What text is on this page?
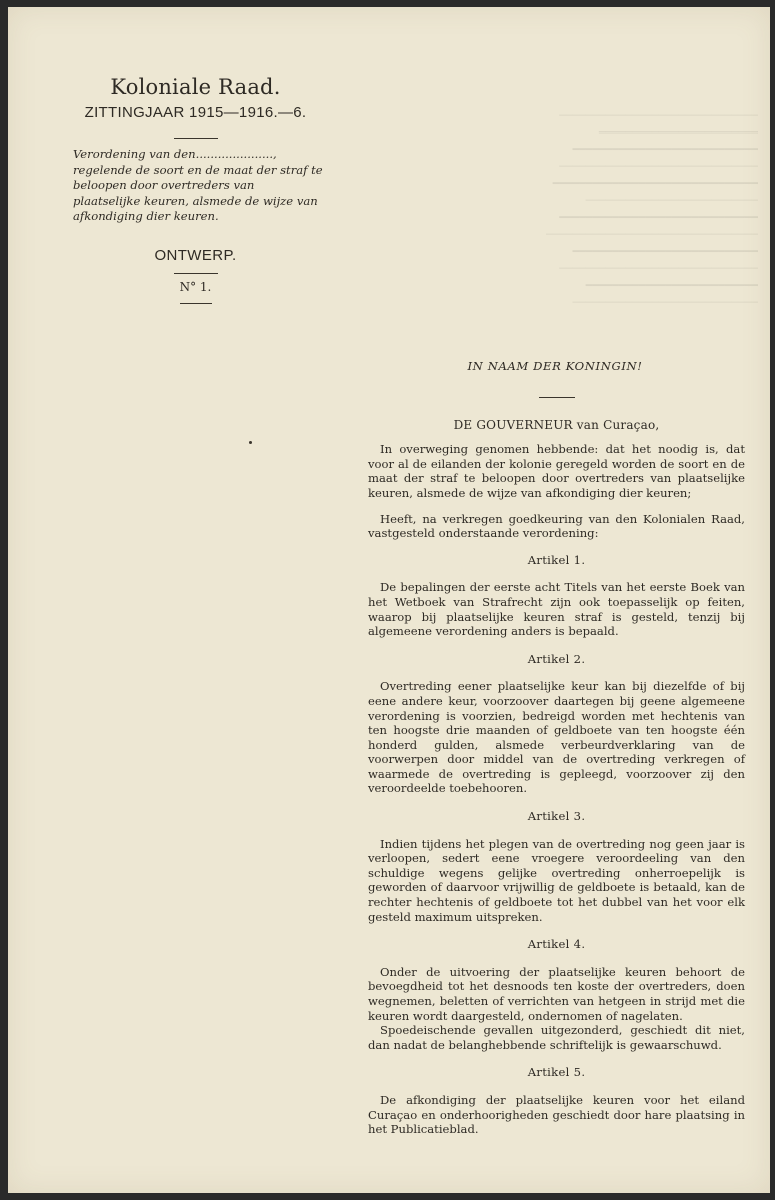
──────────────────────────────
════════════════════════
━━━━━━━━━━━━━━━━━━━━━━━━━━━━
──────────────────────────────
━━━━━━━━━━━━━━━━━━━━━━━━━━━━━━━
──────────────────────────
━━━━━━━━━━━━━━━━━━━━━━━━━━━━━━
────────────────────────────────
━━━━━━━━━━━━━━━━━━━━━━━━━━━━
──────────────────────────────
━━━━━━━━━━━━━━━━━━━━━━━━━━
────────────────────────────
Koloniale Raad.
ZITTINGJAAR 1915—1916.—6.
Verordening van den....................., regelende de soort en de maat der straf te beloopen door overtreders van plaatselijke keuren, alsmede de wijze van afkondiging dier keuren.
ONTWERP.
N° 1.
IN NAAM DER KONINGIN!
DE GOUVERNEUR van Curaçao,
In overweging genomen hebbende: dat het noodig is, dat voor al de eilanden der kolonie geregeld worden de soort en de maat der straf te beloopen door overtreders van plaatselijke keuren, alsmede de wijze van afkondiging dier keuren;
Heeft, na verkregen goedkeuring van den Kolonialen Raad, vastgesteld onderstaande verordening:
Artikel 1.
De bepalingen der eerste acht Titels van het eerste Boek van het Wetboek van Strafrecht zijn ook toepasselijk op feiten, waarop bij plaatselijke keuren straf is gesteld, tenzij bij algemeene verordening anders is bepaald.
Artikel 2.
Overtreding eener plaatselijke keur kan bij diezelfde of bij eene andere keur, voorzoover daartegen bij geene algemeene verordening is voorzien, bedreigd worden met hechtenis van ten hoogste drie maanden of geldboete van ten hoogste één honderd gulden, alsmede verbeurdverklaring van de voorwerpen door middel van de overtreding verkregen of waarmede de overtreding is gepleegd, voorzoover zij den veroordeelde toebehooren.
Artikel 3.
Indien tijdens het plegen van de overtreding nog geen jaar is verloopen, sedert eene vroegere veroordeeling van den schuldige wegens gelijke overtreding onherroepelijk is geworden of daarvoor vrijwillig de geldboete is betaald, kan de rechter hechtenis of geldboete tot het dubbel van het voor elk gesteld maximum uitspreken.
Artikel 4.
Onder de uitvoering der plaatselijke keuren behoort de bevoegdheid tot het desnoods ten koste der overtreders, doen wegnemen, beletten of verrichten van hetgeen in strijd met die keuren wordt daargesteld, ondernomen of nagelaten.
Spoedeischende gevallen uitgezonderd, geschiedt dit niet, dan nadat de belanghebbende schriftelijk is gewaarschuwd.
Artikel 5.
De afkondiging der plaatselijke keuren voor het eiland Curaçao en onderhoorigheden geschiedt door hare plaatsing in het Publicatieblad.
